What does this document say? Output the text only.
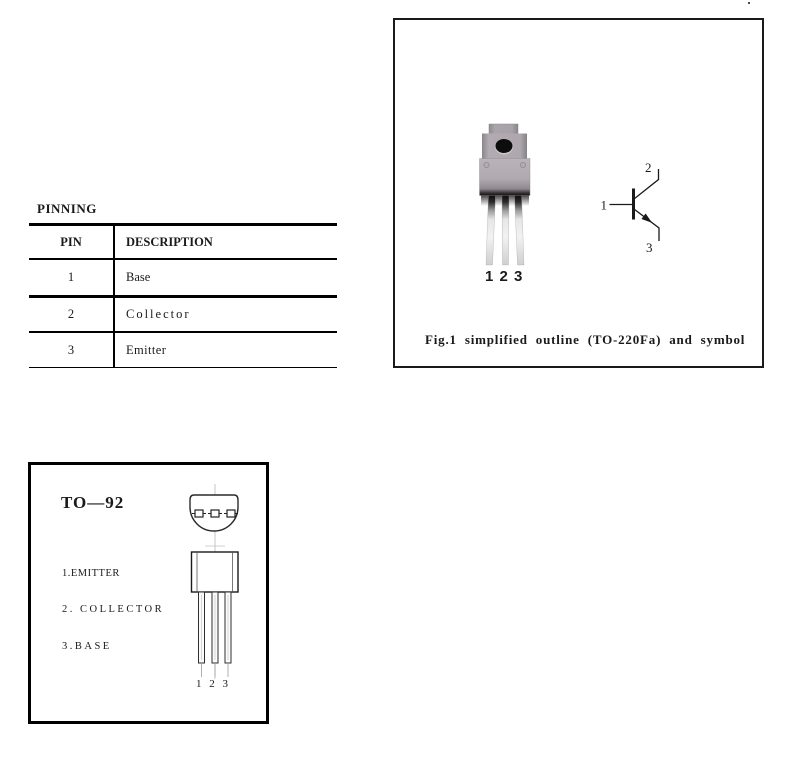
PINNING
PIN	DESCRIPTION
1	Base
2	Collector
3	Emitter
1 2 3
1
2
3
Fig.1 simplified outline (TO-220Fa) and symbol
TO—92
1.EMITTER
2. COLLECTOR
3.BASE
1 2 3
